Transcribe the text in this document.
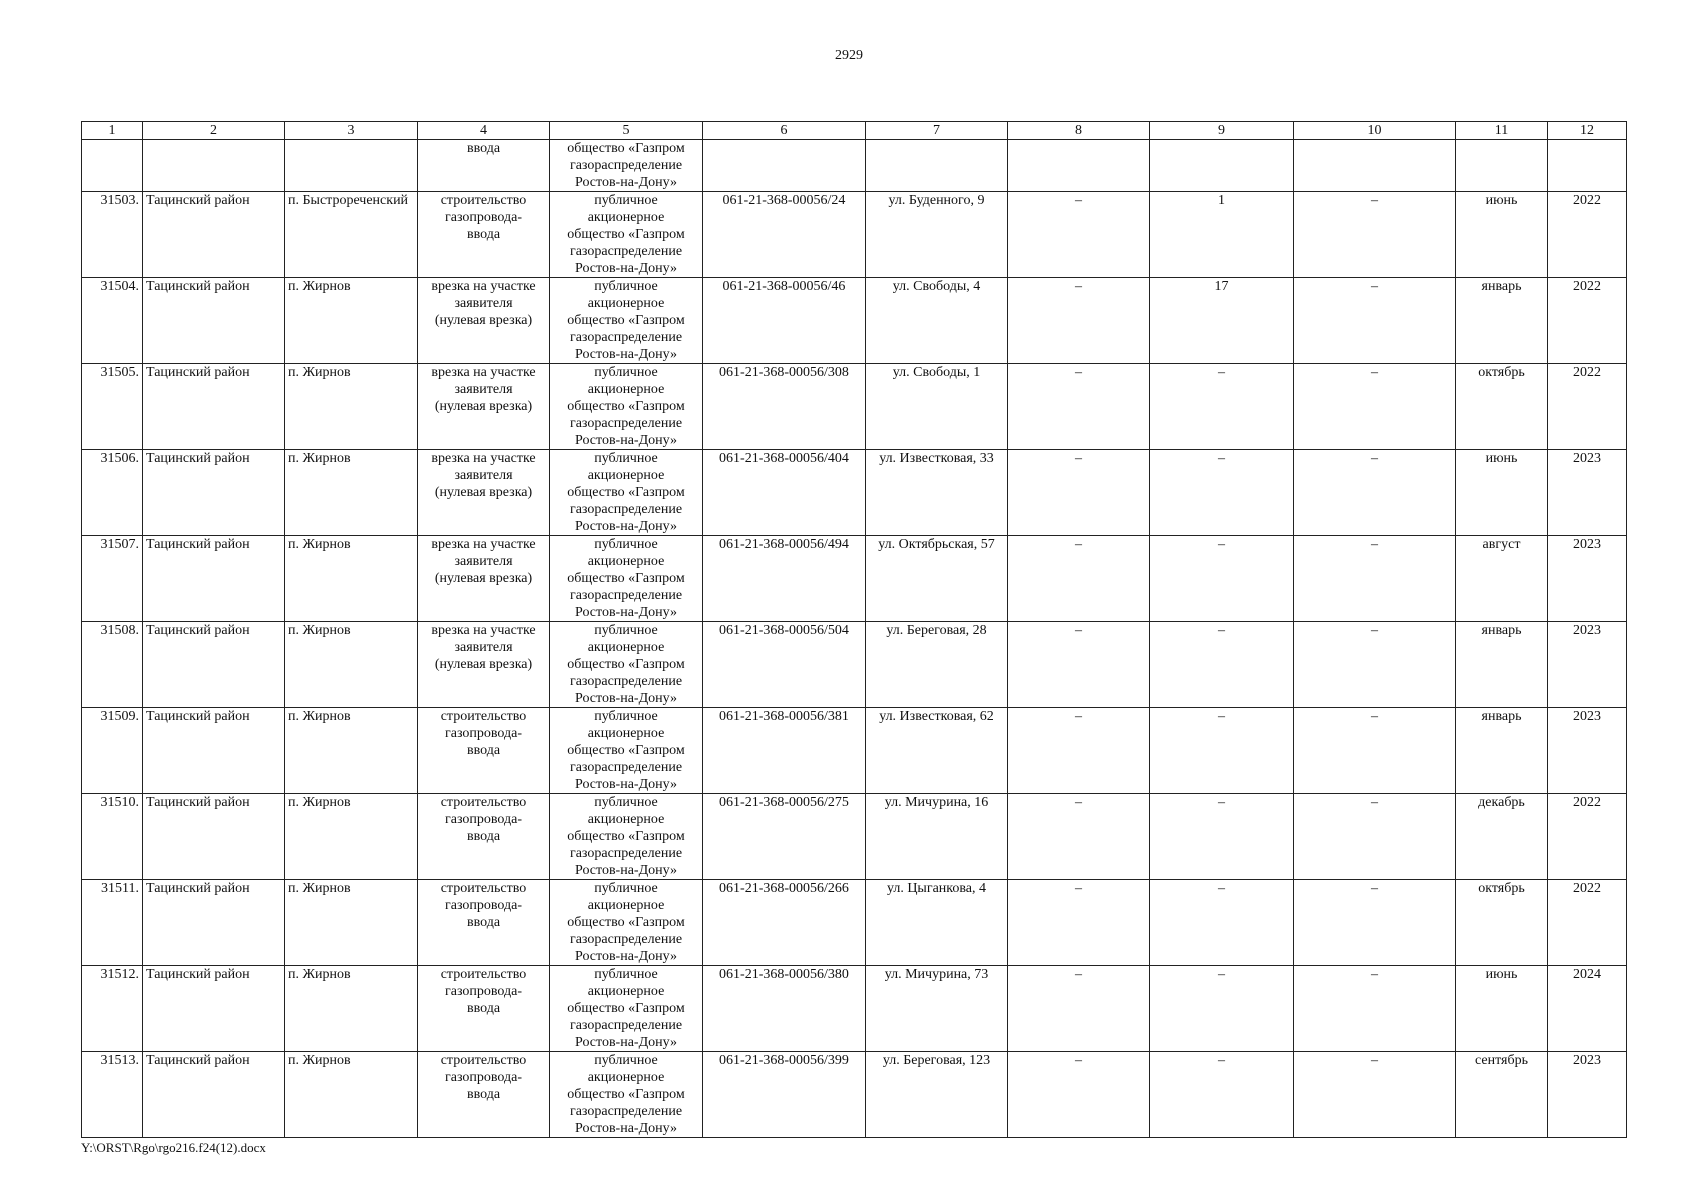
2929
1	2	3	4	5	6	7	8	9	10	11	12

			ввода	общество «Газпром
газораспределение
Ростов-на-Дону»							

31503.	Тацинский район	п. Быстрореченский	строительство
газопровода-
ввода	публичное
акционерное
общество «Газпром
газораспределение
Ростов-на-Дону»	061-21-368-00056/24	ул. Буденного, 9	–	1	–	июнь	2022
31504.	Тацинский район	п. Жирнов	врезка на участке
заявителя
(нулевая врезка)	публичное
акционерное
общество «Газпром
газораспределение
Ростов-на-Дону»	061-21-368-00056/46	ул. Свободы, 4	–	17	–	январь	2022
31505.	Тацинский район	п. Жирнов	врезка на участке
заявителя
(нулевая врезка)	публичное
акционерное
общество «Газпром
газораспределение
Ростов-на-Дону»	061-21-368-00056/308	ул. Свободы, 1	–	–	–	октябрь	2022
31506.	Тацинский район	п. Жирнов	врезка на участке
заявителя
(нулевая врезка)	публичное
акционерное
общество «Газпром
газораспределение
Ростов-на-Дону»	061-21-368-00056/404	ул. Известковая, 33	–	–	–	июнь	2023
31507.	Тацинский район	п. Жирнов	врезка на участке
заявителя
(нулевая врезка)	публичное
акционерное
общество «Газпром
газораспределение
Ростов-на-Дону»	061-21-368-00056/494	ул. Октябрьская, 57	–	–	–	август	2023
31508.	Тацинский район	п. Жирнов	врезка на участке
заявителя
(нулевая врезка)	публичное
акционерное
общество «Газпром
газораспределение
Ростов-на-Дону»	061-21-368-00056/504	ул. Береговая, 28	–	–	–	январь	2023
31509.	Тацинский район	п. Жирнов	строительство
газопровода-
ввода	публичное
акционерное
общество «Газпром
газораспределение
Ростов-на-Дону»	061-21-368-00056/381	ул. Известковая, 62	–	–	–	январь	2023
31510.	Тацинский район	п. Жирнов	строительство
газопровода-
ввода	публичное
акционерное
общество «Газпром
газораспределение
Ростов-на-Дону»	061-21-368-00056/275	ул. Мичурина, 16	–	–	–	декабрь	2022
31511.	Тацинский район	п. Жирнов	строительство
газопровода-
ввода	публичное
акционерное
общество «Газпром
газораспределение
Ростов-на-Дону»	061-21-368-00056/266	ул. Цыганкова, 4	–	–	–	октябрь	2022
31512.	Тацинский район	п. Жирнов	строительство
газопровода-
ввода	публичное
акционерное
общество «Газпром
газораспределение
Ростов-на-Дону»	061-21-368-00056/380	ул. Мичурина, 73	–	–	–	июнь	2024
31513.	Тацинский район	п. Жирнов	строительство
газопровода-
ввода	публичное
акционерное
общество «Газпром
газораспределение
Ростов-на-Дону»	061-21-368-00056/399	ул. Береговая, 123	–	–	–	сентябрь	2023
Y:\ORST\Rgo\rgo216.f24(12).docx
